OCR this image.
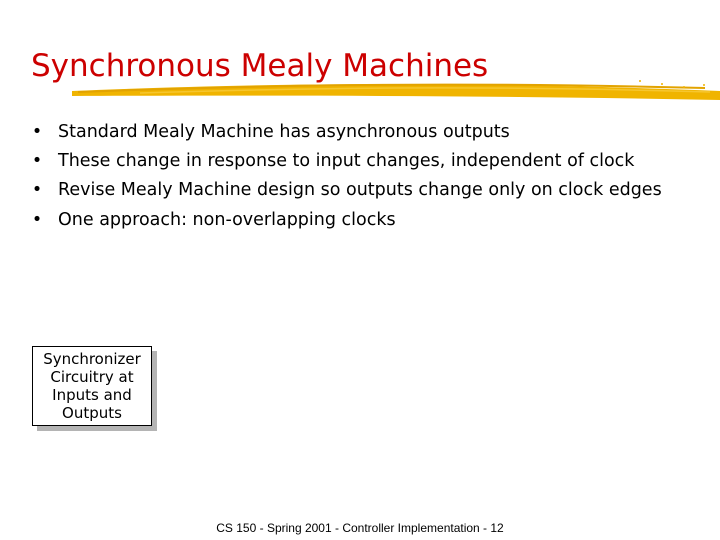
Synchronous Mealy Machines
• Standard Mealy Machine has asynchronous outputs
• These change in response to input changes, independent of clock
• Revise Mealy Machine design so outputs change only on clock edges
• One approach: non-overlapping clocks
Synchronizer Circuitry at Inputs and Outputs
CS 150 - Spring 2001 - Controller Implementation - 12
